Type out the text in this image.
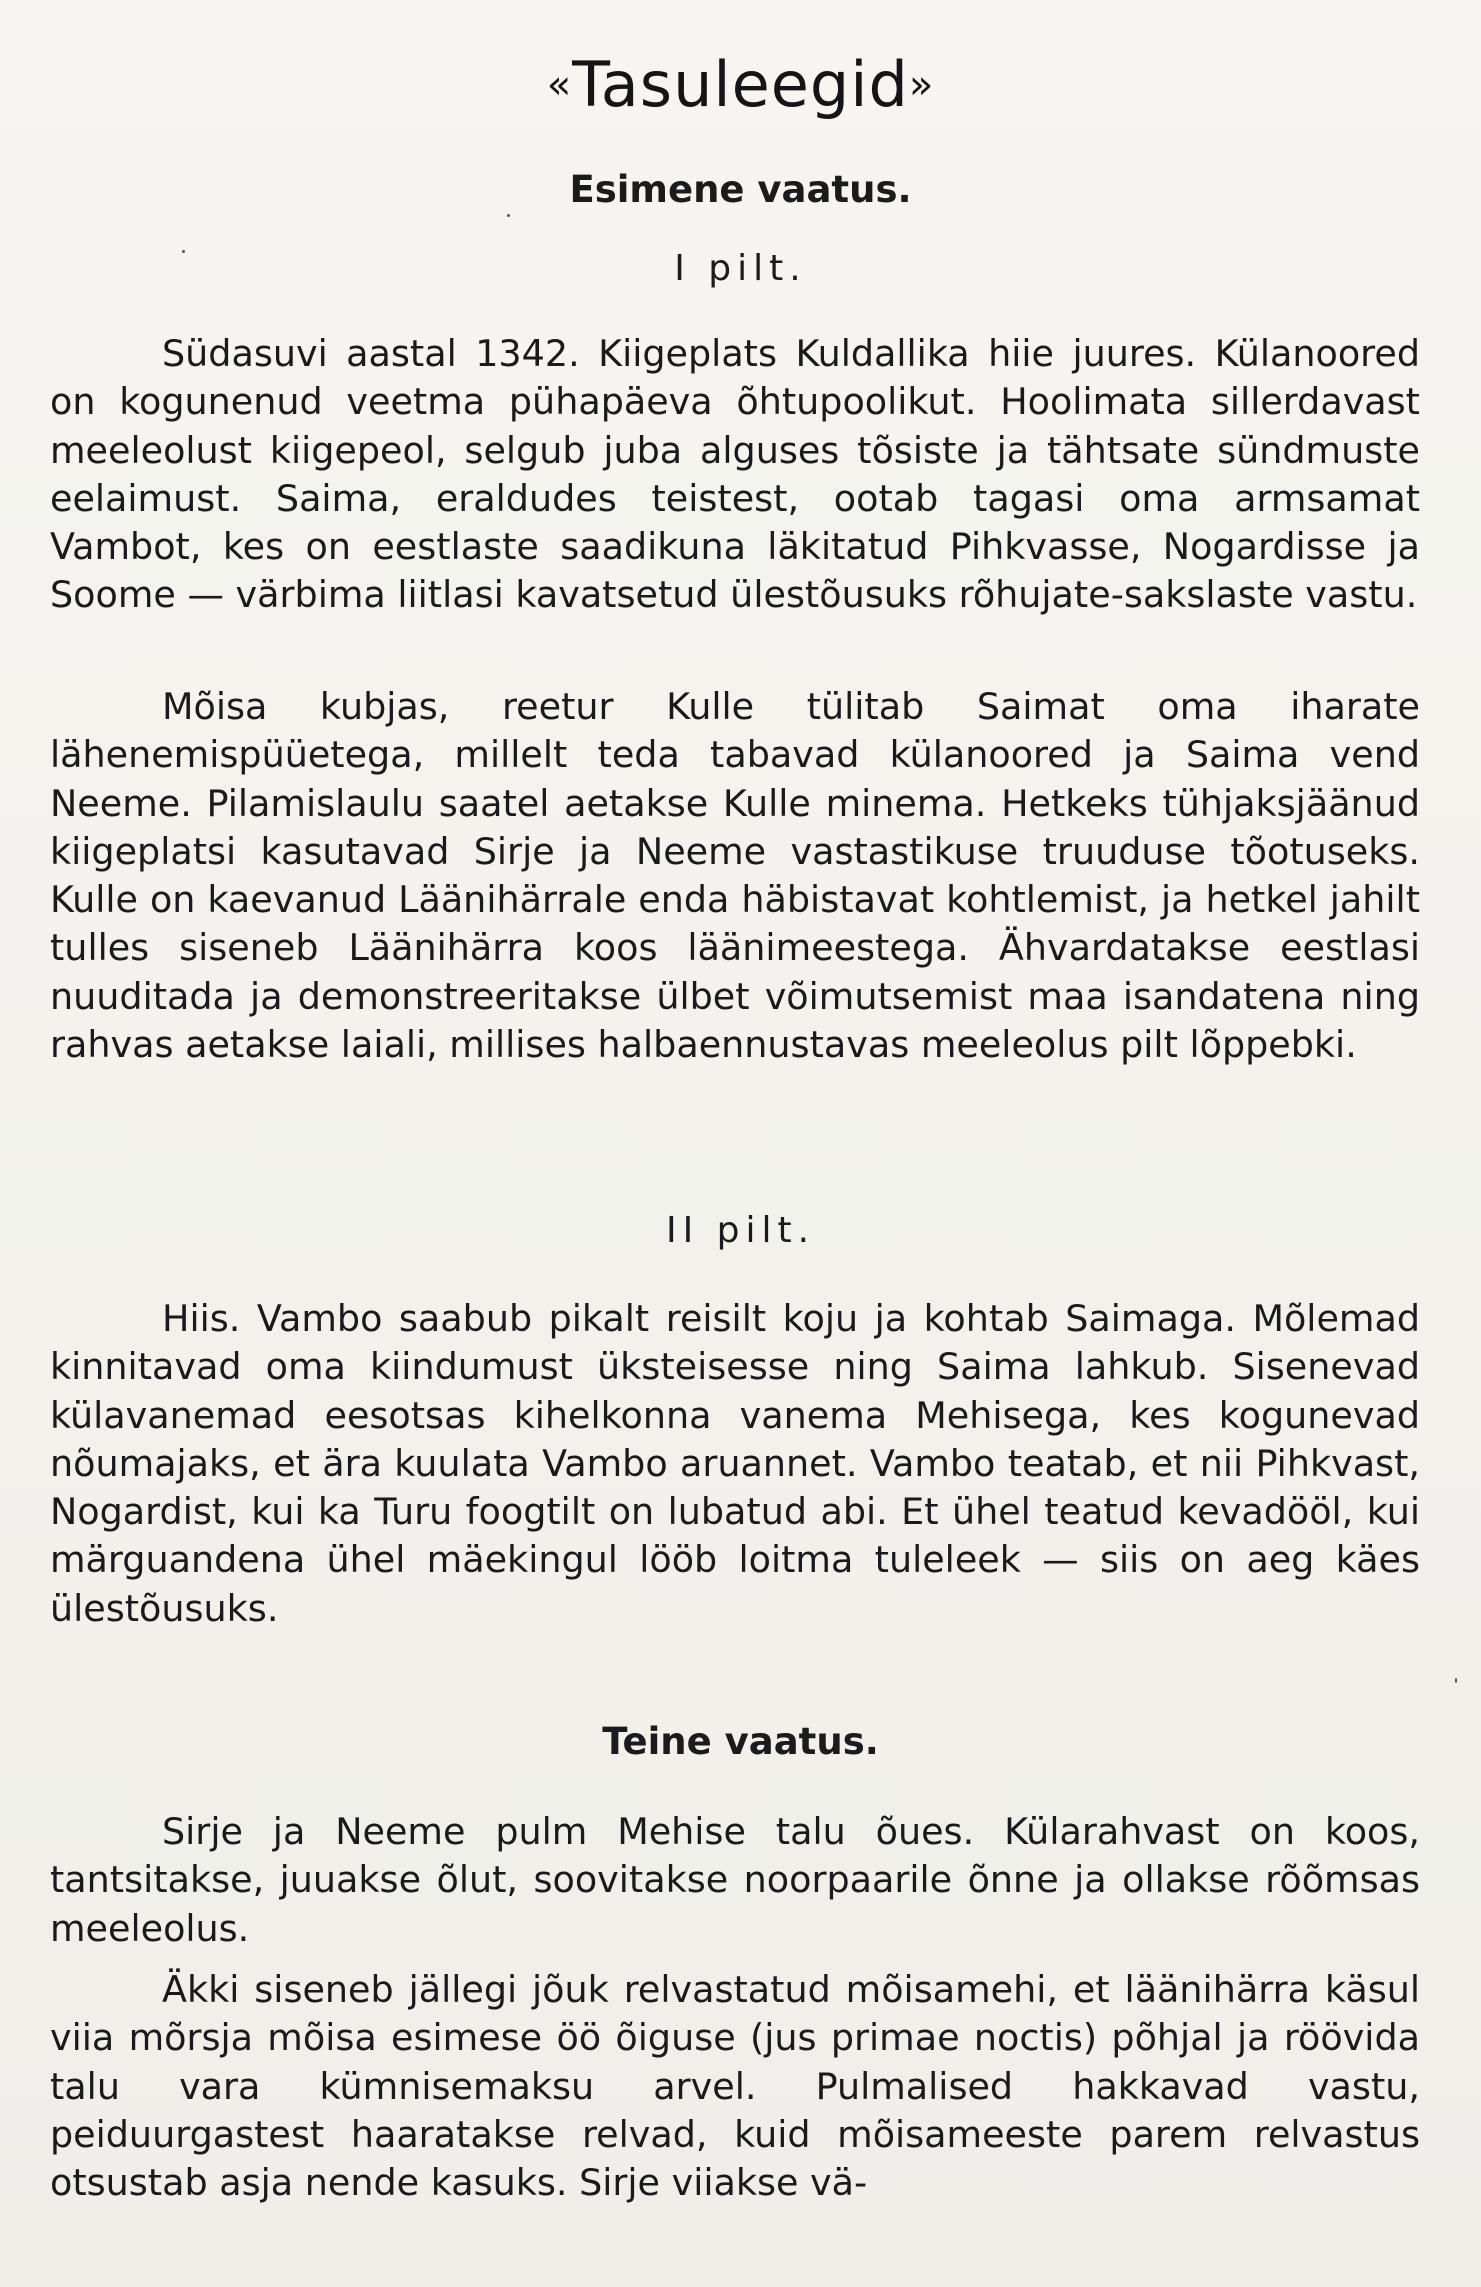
«Tasuleegid»
Esimene vaatus.
I pilt.

Südasuvi aastal 1342. Kiigeplats Kuldallika hiie juures. Külanoored on kogunenud veetma pühapäeva õhtupoolikut. Hoolimata sillerdavast meeleolust kiigepeol, selgub juba alguses tõsiste ja tähtsate sündmuste eelaimust. Saima, eraldudes teistest, ootab tagasi oma armsamat Vambot, kes on eestlaste saadikuna läkitatud Pihkvasse, Nogardisse ja Soome — värbima liitlasi kavatsetud ülestõusuks rõhujate-sakslaste vastu.

Mõisa kubjas, reetur Kulle tülitab Saimat oma iharate lähenemispüüetega, millelt teda tabavad külanoored ja Saima vend Neeme. Pilamislaulu saatel aetakse Kulle minema. Hetkeks tühjaksjäänud kiigeplatsi kasutavad Sirje ja Neeme vastastikuse truuduse tõotuseks. Kulle on kaevanud Läänihärrale enda häbistavat kohtlemist, ja hetkel jahilt tulles siseneb Läänihärra koos läänimeestega. Ähvardatakse eestlasi nuuditada ja demonstreeritakse ülbet võimutsemist maa isandatena ning rahvas aetakse laiali, millises halbaennustavas meeleolus pilt lõppebki.

II pilt.

Hiis. Vambo saabub pikalt reisilt koju ja kohtab Saimaga. Mõlemad kinnitavad oma kiindumust üksteisesse ning Saima lahkub. Sisenevad külavanemad eesotsas kihelkonna vanema Mehisega, kes kogunevad nõumajaks, et ära kuulata Vambo aruannet. Vambo teatab, et nii Pihkvast, Nogardist, kui ka Turu foogtilt on lubatud abi. Et ühel teatud kevadööl, kui märguandena ühel mäekingul lööb loitma tuleleek — siis on aeg käes ülestõusuks.

Teine vaatus.

Sirje ja Neeme pulm Mehise talu õues. Külarahvast on koos, tantsitakse, juuakse õlut, soovitakse noorpaarile õnne ja ollakse rõõmsas meeleolus.

Äkki siseneb jällegi jõuk relvastatud mõisamehi, et läänihärra käsul viia mõrsja mõisa esimese öö õiguse (jus primae noctis) põhjal ja röövida talu vara kümnisemaksu arvel. Pulmalised hakkavad vastu, peiduurgastest haaratakse relvad, kuid mõisameeste parem relvastus otsustab asja nende kasuks. Sirje viiakse vä-
